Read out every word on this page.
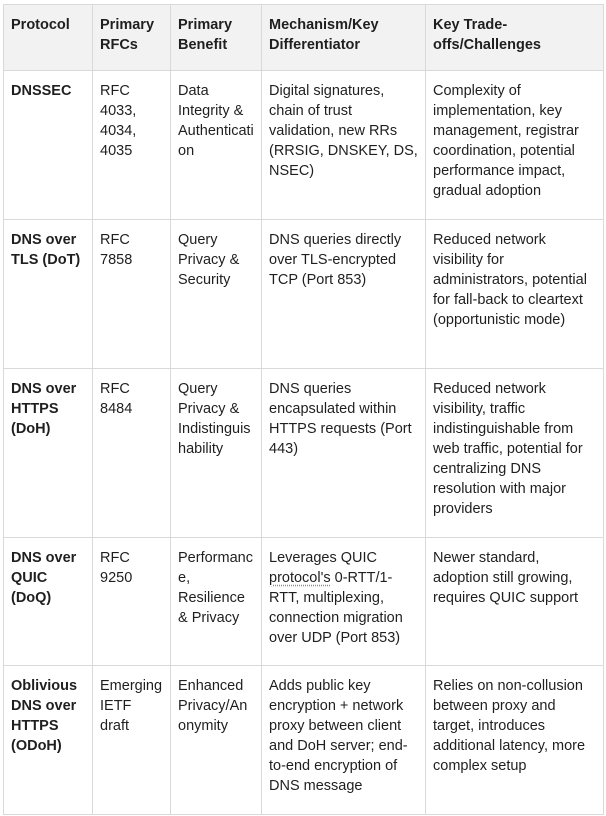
Protocol	Primary RFCs	Primary Benefit	Mechanism/Key Differentiator	Key Trade-offs/Challenges
DNSSEC	RFC 4033, 4034, 4035	Data Integrity & Authentication	Digital signatures, chain of trust validation, new RRs (RRSIG, DNSKEY, DS, NSEC)	Complexity of implementation, key management, registrar coordination, potential performance impact, gradual adoption
DNS over TLS (DoT)	RFC 7858	Query Privacy & Security	DNS queries directly over TLS-encrypted TCP (Port 853)	Reduced network visibility for administrators, potential for fall-back to cleartext (opportunistic mode)
DNS over HTTPS (DoH)	RFC 8484	Query Privacy & Indistinguishability	DNS queries encapsulated within HTTPS requests (Port 443)	Reduced network visibility, traffic indistinguishable from web traffic, potential for centralizing DNS resolution with major providers
DNS over QUIC (DoQ)	RFC 9250	Performance, Resilience & Privacy	Leverages QUIC protocol's 0-RTT/1-RTT, multiplexing, connection migration over UDP (Port 853)	Newer standard, adoption still growing, requires QUIC support
Oblivious DNS over HTTPS (ODoH)	Emerging IETF draft	Enhanced Privacy/Anonymity	Adds public key encryption + network proxy between client and DoH server; end-to-end encryption of DNS message	Relies on non-collusion between proxy and target, introduces additional latency, more complex setup
